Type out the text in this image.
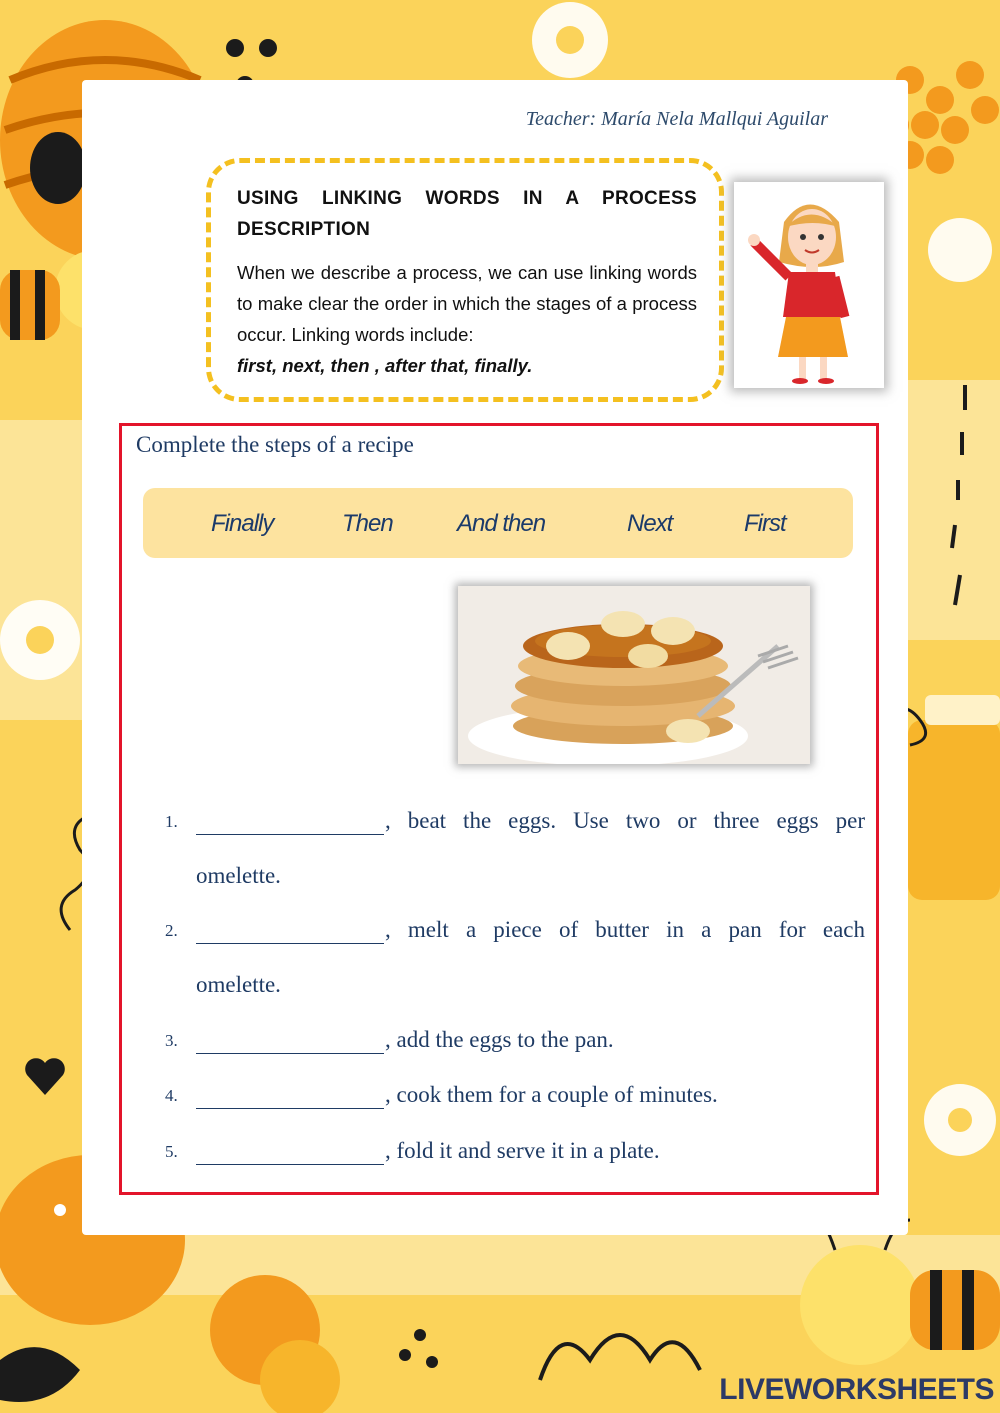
Teacher: María Nela Mallqui Aguilar
USING LINKING WORDS IN A PROCESS DESCRIPTION
When we describe a process, we can use linking words to make clear the order in which the stages of a process occur. Linking words include:
first, next, then , after that, finally.
Complete the steps of a recipe
Finally	Then	And then	Next	First
1.	, beat the eggs. Use two or three eggs per
omelette.
2.	, melt a piece of butter in a pan for each
omelette.
3.	, add the eggs to the pan.
4.	, cook them for a couple of minutes.
5.	, fold it and serve it in a plate.
LIVEWORKSHEETS
